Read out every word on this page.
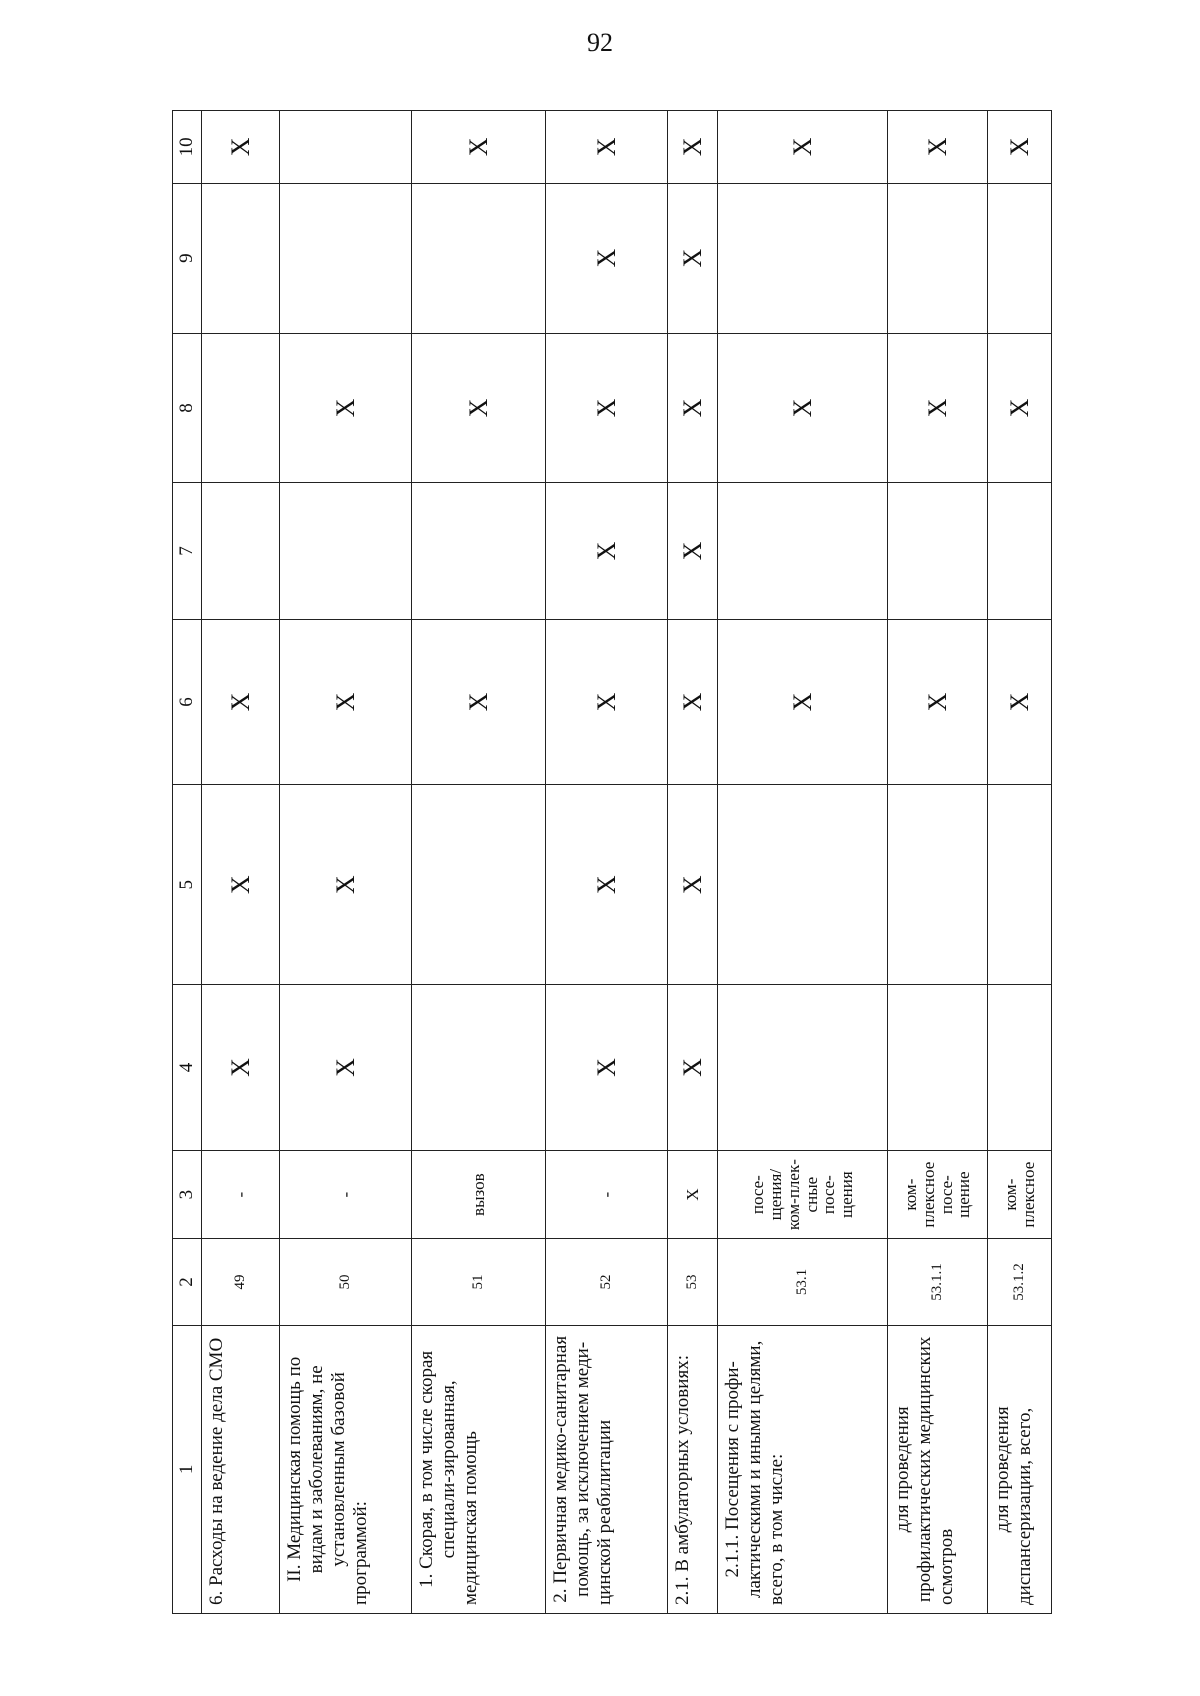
92
1	2	3	4	5	6	7	8	9	10
6. Расходы на ведение дела СМО	49	-	X	X	X				X
II. Медицинская помощь по видам и заболеваниям, не установленным базовой программой:	50	-	X	X	X		X		
1. Скорая, в том числе скорая специали-зированная, медицинская помощь	51	вызов			X		X		X
2. Первичная медико-санитарная помощь, за исключением меди-цинской реабилитации	52	-	X	X	X	X	X	X	X
2.1. В амбулаторных условиях:	53	X	X	X	X	X	X	X	X
2.1.1. Посещения с профи-лактическими и иными целями, всего, в том числе:	53.1	посе-щения/ ком-плек-сные посе-щения			X		X		X
для проведения профилактических медицинских осмотров	53.1.1	ком-плексное посе-щение			X		X		X
для проведения диспансеризации, всего,	53.1.2	ком-плексное			X		X		X
